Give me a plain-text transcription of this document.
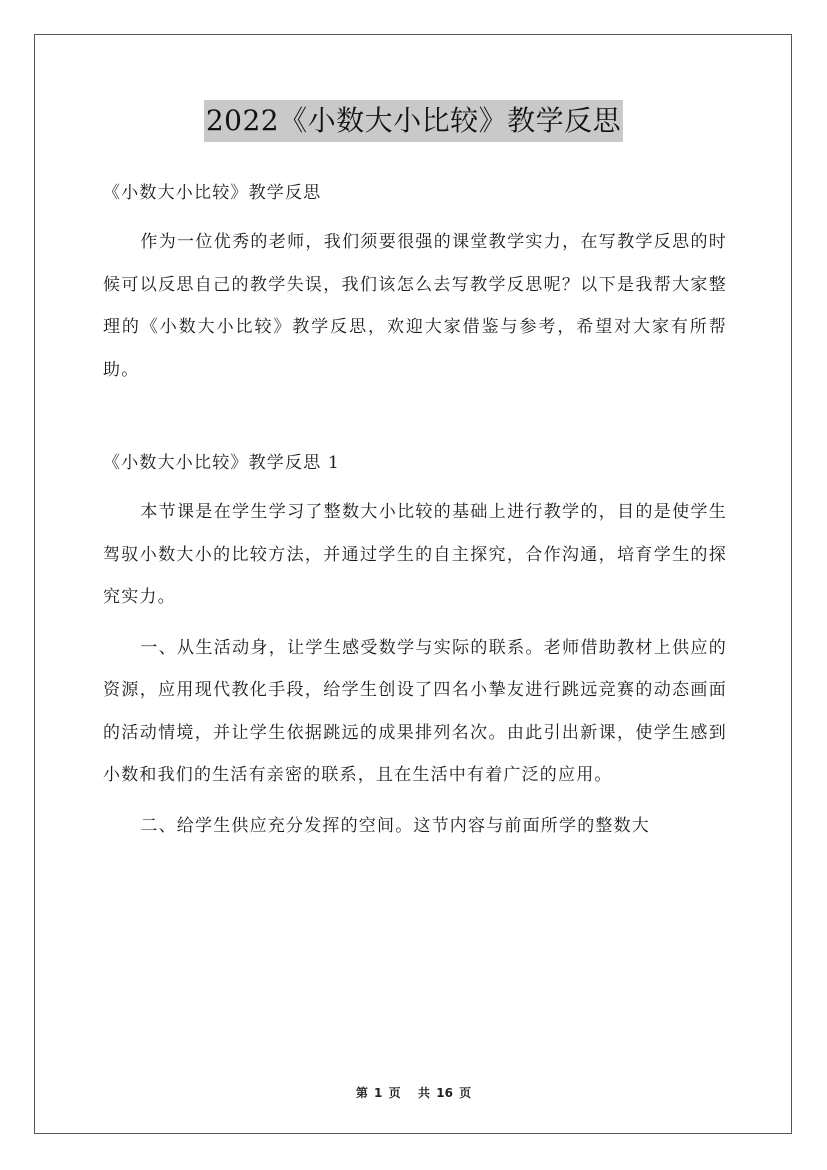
2022《小数大小比较》教学反思

《小数大小比较》教学反思

作为一位优秀的老师，我们须要很强的课堂教学实力，在写教学反思的时候可以反思自己的教学失误，我们该怎么去写教学反思呢？以下是我帮大家整理的《小数大小比较》教学反思，欢迎大家借鉴与参考，希望对大家有所帮助。

《小数大小比较》教学反思 1

本节课是在学生学习了整数大小比较的基础上进行教学的，目的是使学生驾驭小数大小的比较方法，并通过学生的自主探究，合作沟通，培育学生的探究实力。

一、从生活动身，让学生感受数学与实际的联系。老师借助教材上供应的资源，应用现代教化手段，给学生创设了四名小摯友进行跳远竞赛的动态画面的活动情境，并让学生依据跳远的成果排列名次。由此引出新课，使学生感到小数和我们的生活有亲密的联系，且在生活中有着广泛的应用。

二、给学生供应充分发挥的空间。这节内容与前面所学的整数大

第 1 页 共 16 页
